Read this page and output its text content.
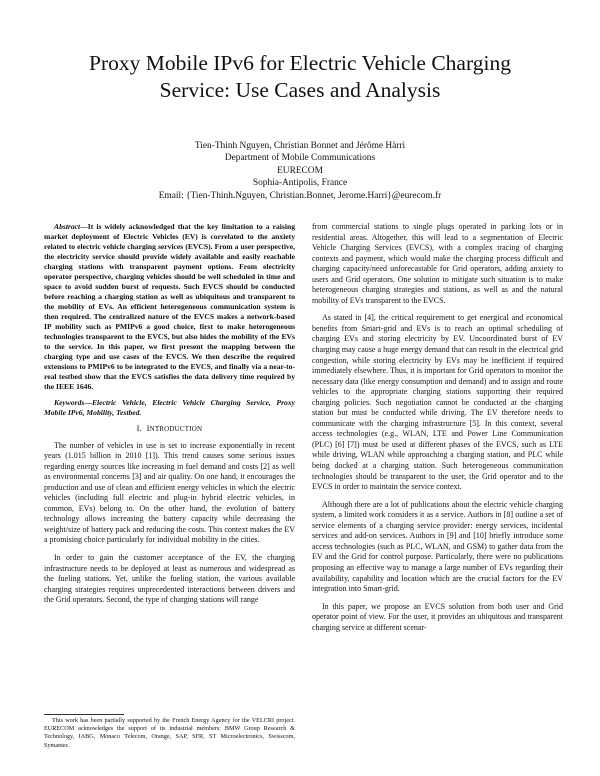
Proxy Mobile IPv6 for Electric Vehicle Charging
Service: Use Cases and Analysis
Tien-Thinh Nguyen, Christian Bonnet and Jérôme Härri
Department of Mobile Communications
EURECOM
Sophia-Antipolis, France
Email: {Tien-Thinh.Nguyen, Christian.Bonnet, Jerome.Harri}@eurecom.fr

Abstract—It is widely acknowledged that the key limitation to a raising market deployment of Electric Vehicles (EV) is correlated to the anxiety related to electric vehicle charging services (EVCS). From a user perspective, the electricity service should provide widely available and easily reachable charging stations with transparent payment options. From electricity operator perspective, charging vehicles should be well scheduled in time and space to avoid sudden burst of requests. Such EVCS should be conducted before reaching a charging station as well as ubiquitous and transparent to the mobility of EVs. An efficient heterogeneous communication system is then required. The centralized nature of the EVCS makes a network-based IP mobility such as PMIPv6 a good choice, first to make heterogeneous technologies transparent to the EVCS, but also hides the mobility of the EVs to the service. In this paper, we first present the mapping between the charging type and use cases of the EVCS. We then describe the required extensions to PMIPv6 to be integrated to the EVCS, and finally via a near-to-real testbed show that the EVCS satisfies the data delivery time required by the IEEE 1646.

Keywords—Electric Vehicle, Electric Vehicle Charging Service, Proxy Mobile IPv6, Mobility, Testbed.

I. INTRODUCTION

The number of vehicles in use is set to increase exponentially in recent years (1.015 billion in 2010 [1]). This trend causes some serious issues regarding energy sources like increasing in fuel demand and costs [2] as well as environmental concerns [3] and air quality. On one hand, it encourages the production and use of clean and efficient energy vehicles in which the electric vehicles (including full electric and plug-in hybrid electric vehicles, in common, EVs) belong to. On the other hand, the evolution of battery technology allows increasing the battery capacity while decreasing the weight/size of battery pack and reducing the costs. This context makes the EV a promising choice particularly for individual mobility in the cities.

In order to gain the customer acceptance of the EV, the charging infrastructure needs to be deployed at least as numerous and widespread as the fueling stations. Yet, unlike the fueling station, the various available charging strategies requires unprecedented interactions between drivers and the Grid operators. Second, the type of charging stations will range

from commercial stations to single plugs operated in parking lots or in residential areas. Altogether, this will lead to a segmentation of Electric Vehicle Charging Services (EVCS), with a complex tracing of charging contexts and payment, which would make the charging process difficult and charging capacity/need unforecastable for Grid operators, adding anxiety to users and Grid operators. One solution to mitigate such situation is to make heterogeneous charging strategies and stations, as well as and the natural mobility of EVs transparent to the EVCS.

As stated in [4], the critical requirement to get energical and economical benefits from Smart-grid and EVs is to reach an optimal scheduling of charging EVs and storing electricity by EV. Uncoordinated burst of EV charging may cause a huge energy demand that can result in the electrical grid congestion, while storing electricity by EVs may be inefficient if required immediately elsewhere. Thus, it is important for Grid operators to monitor the necessary data (like energy consumption and demand) and to assign and route vehicles to the appropriate charging stations supporting their required charging policies. Such negotiation cannot be conducted at the charging station but must be conducted while driving. The EV therefore needs to communicate with the charging infrastructure [5]. In this context, several access technologies (e.g., WLAN, LTE and Power Line Communication (PLC) [6] [7]) must be used at different phases of the EVCS, such as LTE while driving, WLAN while approaching a charging station, and PLC while being docked at a charging station. Such heterogeneous communication technologies should be transparent to the user, the Grid operator and to the EVCS in order to maintain the service context.

Although there are a lot of publications about the electric vehicle charging system, a limited work considers it as a service. Authors in [8] outline a set of service elements of a charging service provider: energy services, incidental services and add-on services. Authors in [9] and [10] briefly introduce some access technologies (such as PLC, WLAN, and GSM) to gather data from the EV and the Grid for control purpose. Particularly, there were no publications proposing an effective way to manage a large number of EVs regarding their availability, capability and location which are the crucial factors for the EV integration into Smart-grid.

In this paper, we propose an EVCS solution from both user and Grid operator point of view. For the user, it provides an ubiquitous and transparent charging service at different scenar-

This work has been partially supported by the French Energy Agency for the VELCRI project. EURECOM acknowledges the support of its industrial members: BMW Group Research & Technology, IABG, Monaco Telecom, Orange, SAP, SFR, ST Microelectronics, Swisscom, Symantec.
